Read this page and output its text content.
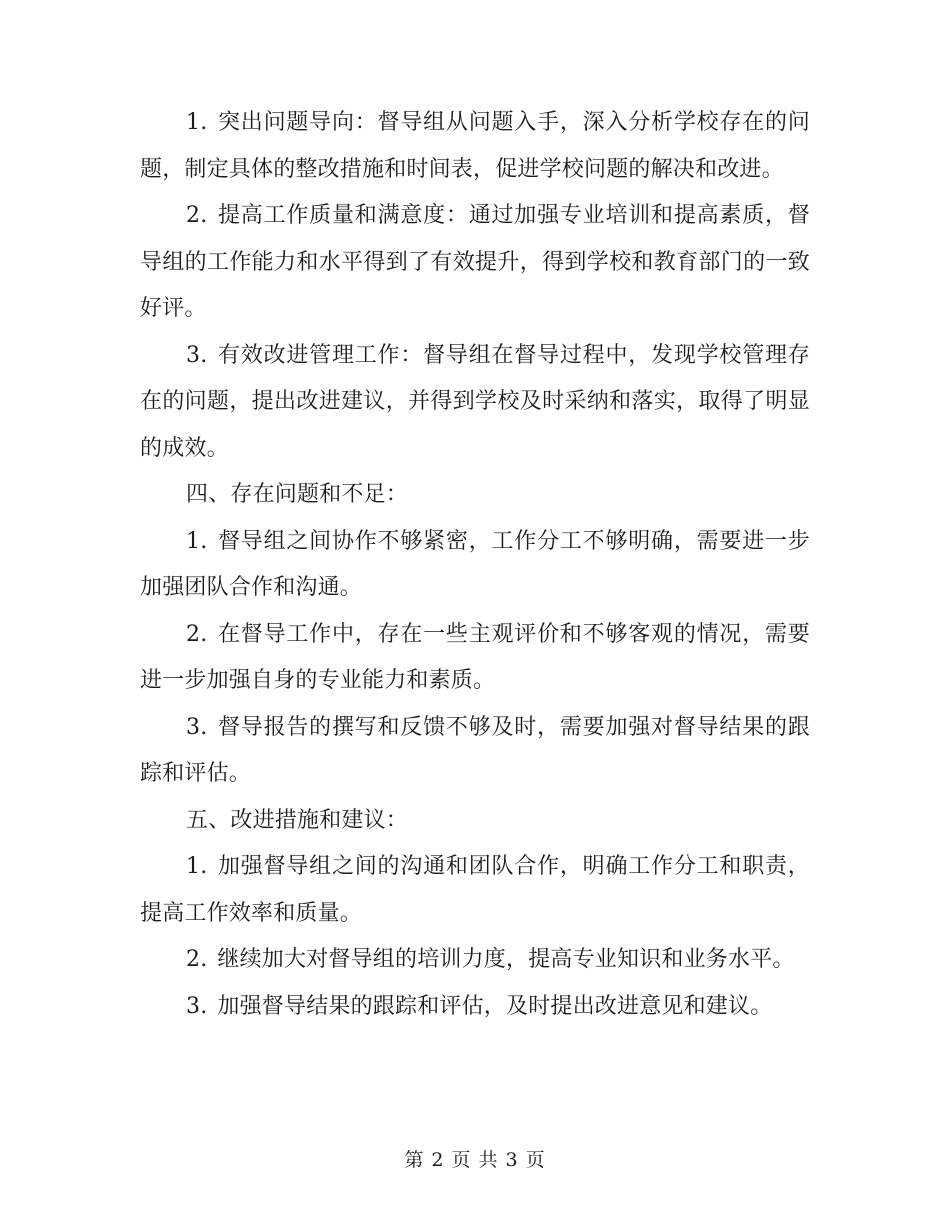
1. 突出问题导向：督导组从问题入手，深入分析学校存在的问题，制定具体的整改措施和时间表，促进学校问题的解决和改进。

2. 提高工作质量和满意度：通过加强专业培训和提高素质，督导组的工作能力和水平得到了有效提升，得到学校和教育部门的一致好评。

3. 有效改进管理工作：督导组在督导过程中，发现学校管理存在的问题，提出改进建议，并得到学校及时采纳和落实，取得了明显的成效。

四、存在问题和不足：

1. 督导组之间协作不够紧密，工作分工不够明确，需要进一步加强团队合作和沟通。

2. 在督导工作中，存在一些主观评价和不够客观的情况，需要进一步加强自身的专业能力和素质。

3. 督导报告的撰写和反馈不够及时，需要加强对督导结果的跟踪和评估。

五、改进措施和建议：

1. 加强督导组之间的沟通和团队合作，明确工作分工和职责，提高工作效率和质量。

2. 继续加大对督导组的培训力度，提高专业知识和业务水平。

3. 加强督导结果的跟踪和评估，及时提出改进意见和建议。

第 2 页 共 3 页
